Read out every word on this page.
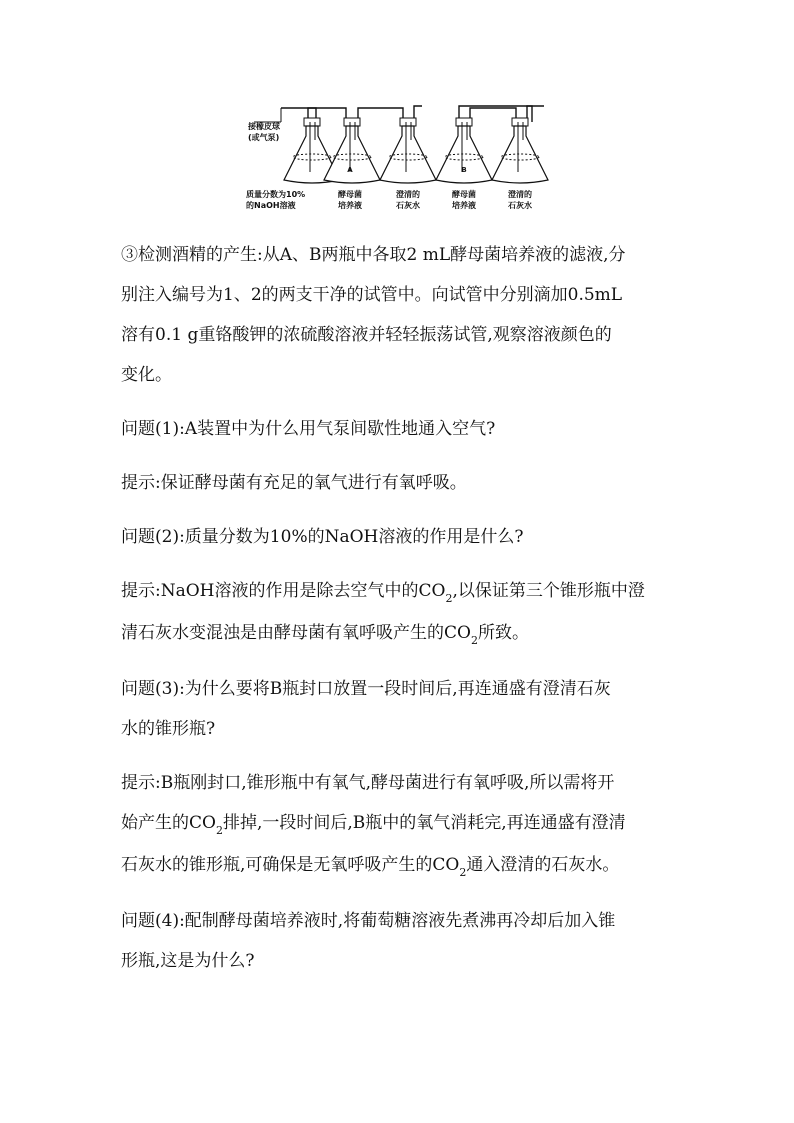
接橡皮球
(或气泵)
A	B
质量分数为10%
的NaOH溶液
酵母菌
培养液
澄清的
石灰水
酵母菌
培养液
澄清的
石灰水
③检测酒精的产生:从A、B两瓶中各取2 mL酵母菌培养液的滤液,分
别注入编号为1、2的两支干净的试管中。向试管中分别滴加0.5mL
溶有0.1 g重铬酸钾的浓硫酸溶液并轻轻振荡试管,观察溶液颜色的
变化。
问题(1):A装置中为什么用气泵间歇性地通入空气?
提示:保证酵母菌有充足的氧气进行有氧呼吸。
问题(2):质量分数为10%的NaOH溶液的作用是什么?
提示:NaOH溶液的作用是除去空气中的$CO_2$,以保证第三个锥形瓶中澄
清石灰水变混浊是由酵母菌有氧呼吸产生的$CO_2$所致。
问题(3):为什么要将B瓶封口放置一段时间后,再连通盛有澄清石灰
水的锥形瓶?
提示:B瓶刚封口,锥形瓶中有氧气,酵母菌进行有氧呼吸,所以需将开
始产生的$CO_2$排掉,一段时间后,B瓶中的氧气消耗完,再连通盛有澄清
石灰水的锥形瓶,可确保是无氧呼吸产生的$CO_2$通入澄清的石灰水。
问题(4):配制酵母菌培养液时,将葡萄糖溶液先煮沸再冷却后加入锥
形瓶,这是为什么?
